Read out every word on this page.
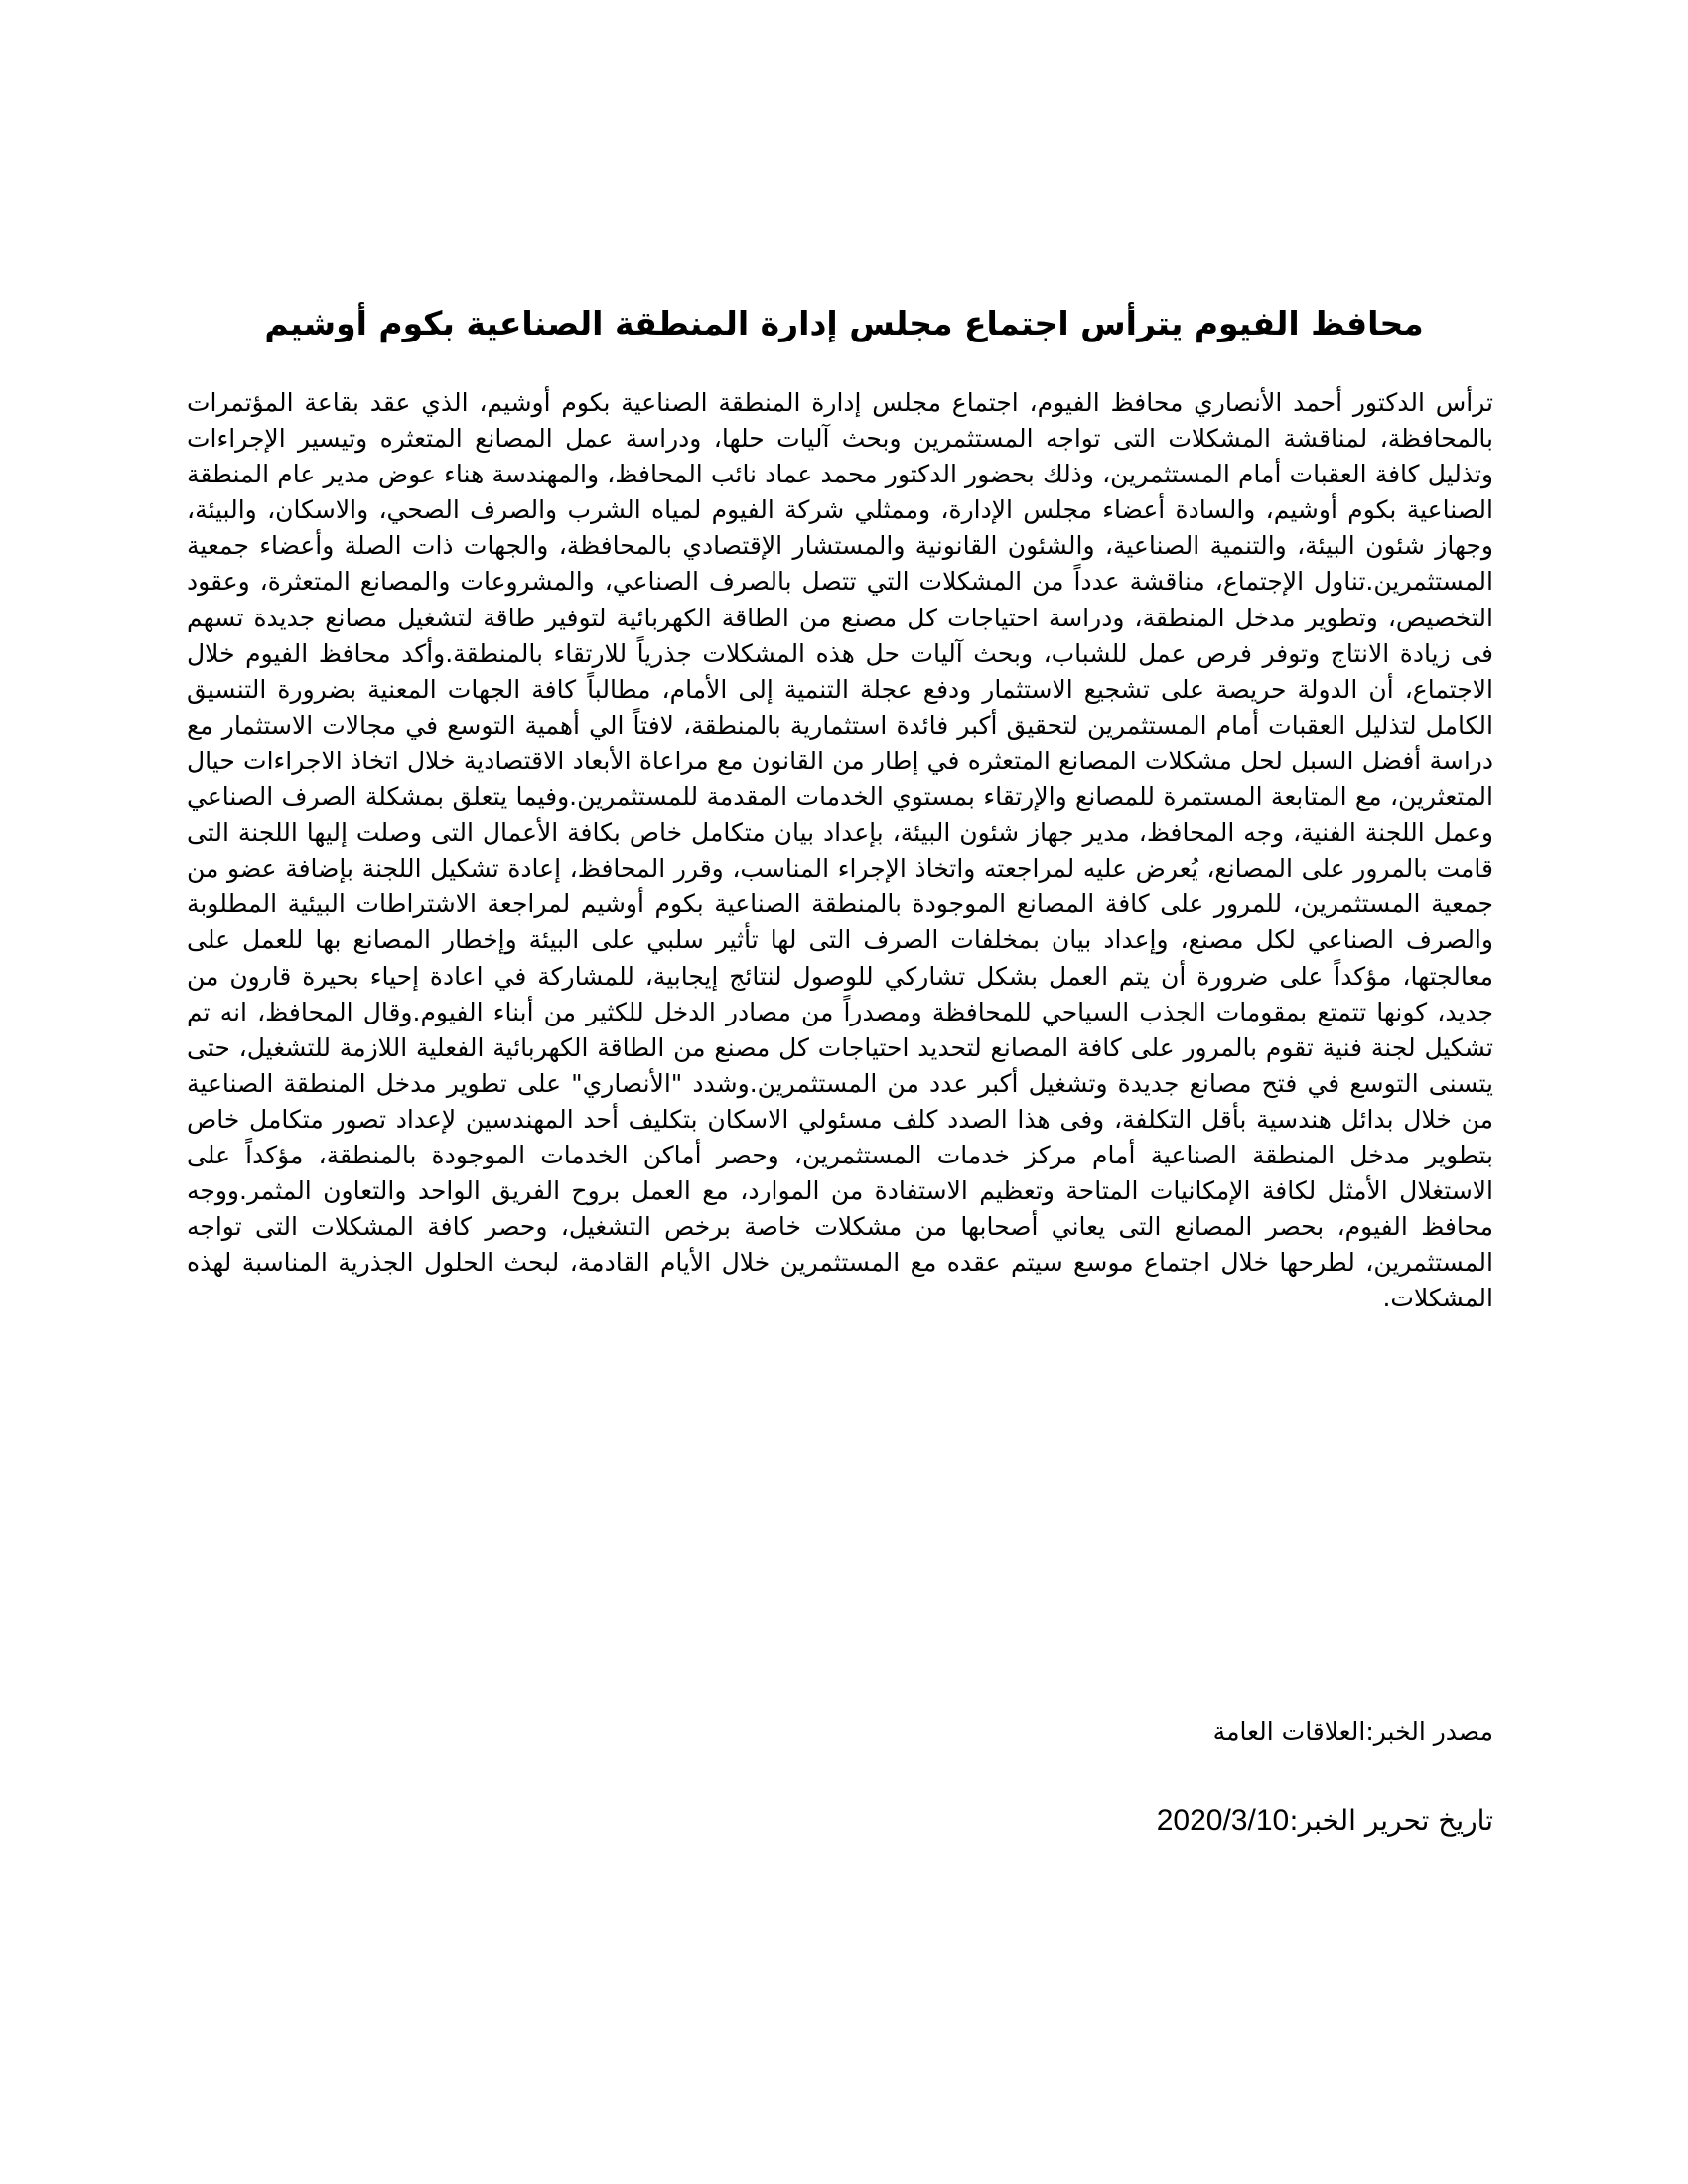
محافظ الفيوم يترأس اجتماع مجلس إدارة المنطقة الصناعية بكوم أوشيم

ترأس الدكتور أحمد الأنصاري محافظ الفيوم، اجتماع مجلس إدارة المنطقة الصناعية بكوم أوشيم، الذي عقد بقاعة المؤتمرات بالمحافظة، لمناقشة المشكلات التى تواجه المستثمرين وبحث آليات حلها، ودراسة عمل المصانع المتعثره وتيسير الإجراءات وتذليل كافة العقبات أمام المستثمرين، وذلك بحضور الدكتور محمد عماد نائب المحافظ، والمهندسة هناء عوض مدير عام المنطقة الصناعية بكوم أوشيم، والسادة أعضاء مجلس الإدارة، وممثلي شركة الفيوم لمياه الشرب والصرف الصحي، والاسكان، والبيئة، وجهاز شئون البيئة، والتنمية الصناعية، والشئون القانونية والمستشار الإقتصادي بالمحافظة، والجهات ذات الصلة وأعضاء جمعية المستثمرين.تناول الإجتماع، مناقشة عدداً من المشكلات التي تتصل بالصرف الصناعي، والمشروعات والمصانع المتعثرة، وعقود التخصيص، وتطوير مدخل المنطقة، ودراسة احتياجات كل مصنع من الطاقة الكهربائية لتوفير طاقة لتشغيل مصانع جديدة تسهم فى زيادة الانتاج وتوفر فرص عمل للشباب، وبحث آليات حل هذه المشكلات جذرياً للارتقاء بالمنطقة.وأكد محافظ الفيوم خلال الاجتماع، أن الدولة حريصة على تشجيع الاستثمار ودفع عجلة التنمية إلى الأمام، مطالباً كافة الجهات المعنية بضرورة التنسيق الكامل لتذليل العقبات أمام المستثمرين لتحقيق أكبر فائدة استثمارية بالمنطقة، لافتاً الي أهمية التوسع في مجالات الاستثمار مع دراسة أفضل السبل لحل مشكلات المصانع المتعثره في إطار من القانون مع مراعاة الأبعاد الاقتصادية خلال اتخاذ الاجراءات حيال المتعثرين، مع المتابعة المستمرة للمصانع والإرتقاء بمستوي الخدمات المقدمة للمستثمرين.وفيما يتعلق بمشكلة الصرف الصناعي وعمل اللجنة الفنية، وجه المحافظ، مدير جهاز شئون البيئة، بإعداد بيان متكامل خاص بكافة الأعمال التى وصلت إليها اللجنة التى قامت بالمرور على المصانع، يُعرض عليه لمراجعته واتخاذ الإجراء المناسب، وقرر المحافظ، إعادة تشكيل اللجنة بإضافة عضو من جمعية المستثمرين، للمرور على كافة المصانع الموجودة بالمنطقة الصناعية بكوم أوشيم لمراجعة الاشتراطات البيئية المطلوبة والصرف الصناعي لكل مصنع، وإعداد بيان بمخلفات الصرف التى لها تأثير سلبي على البيئة وإخطار المصانع بها للعمل على معالجتها، مؤكداً على ضرورة أن يتم العمل بشكل تشاركي للوصول لنتائج إيجابية، للمشاركة في اعادة إحياء بحيرة قارون من جديد، كونها تتمتع بمقومات الجذب السياحي للمحافظة ومصدراً من مصادر الدخل للكثير من أبناء الفيوم.وقال المحافظ، انه تم تشكيل لجنة فنية تقوم بالمرور على كافة المصانع لتحديد احتياجات كل مصنع من الطاقة الكهربائية الفعلية اللازمة للتشغيل، حتى يتسنى التوسع في فتح مصانع جديدة وتشغيل أكبر عدد من المستثمرين.وشدد "الأنصاري" على تطوير مدخل المنطقة الصناعية من خلال بدائل هندسية بأقل التكلفة، وفى هذا الصدد كلف مسئولي الاسكان بتكليف أحد المهندسين لإعداد تصور متكامل خاص بتطوير مدخل المنطقة الصناعية أمام مركز خدمات المستثمرين، وحصر أماكن الخدمات الموجودة بالمنطقة، مؤكداً على الاستغلال الأمثل لكافة الإمكانيات المتاحة وتعظيم الاستفادة من الموارد، مع العمل بروح الفريق الواحد والتعاون المثمر.ووجه محافظ الفيوم، بحصر المصانع التى يعاني أصحابها من مشكلات خاصة برخص التشغيل، وحصر كافة المشكلات التى تواجه المستثمرين، لطرحها خلال اجتماع موسع سيتم عقده مع المستثمرين خلال الأيام القادمة، لبحث الحلول الجذرية المناسبة لهذه المشكلات.

مصدر الخبر:العلاقات العامة

تاريخ تحرير الخبر:2020/3/10
